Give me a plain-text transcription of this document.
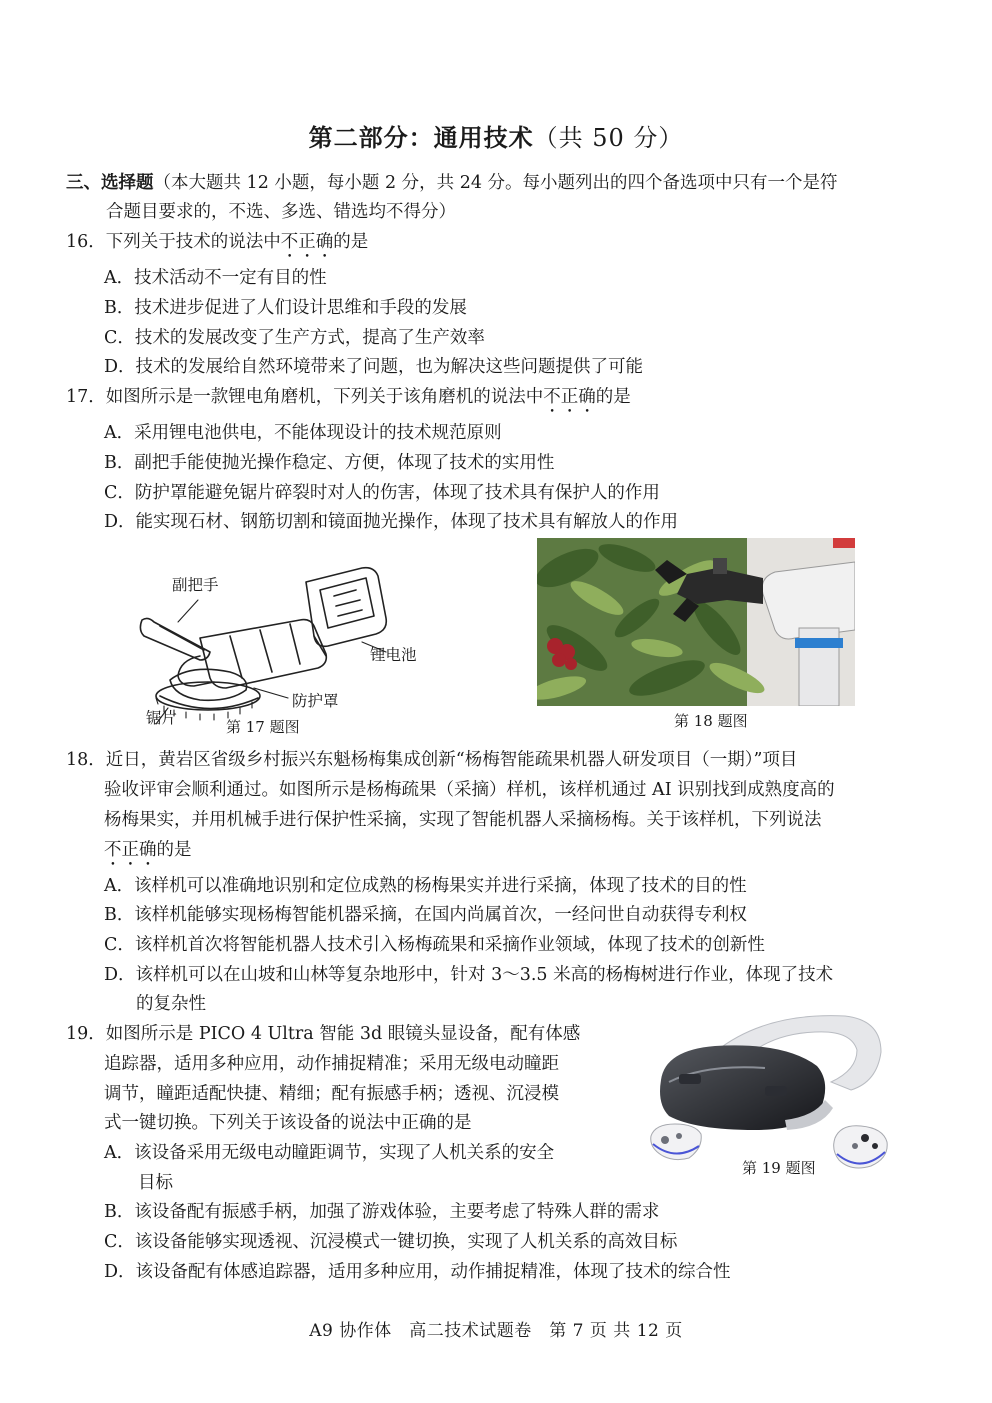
第二部分：通用技术（共 50 分）
三、选择题（本大题共 12 小题，每小题 2 分，共 24 分。每小题列出的四个备选项中只有一个是符
合题目要求的，不选、多选、错选均不得分）
16．下列关于技术的说法中不正确的是
A．技术活动不一定有目的性
B．技术进步促进了人们设计思维和手段的发展
C．技术的发展改变了生产方式，提高了生产效率
D．技术的发展给自然环境带来了问题，也为解决这些问题提供了可能
17．如图所示是一款锂电角磨机，下列关于该角磨机的说法中不正确的是
A．采用锂电池供电，不能体现设计的技术规范原则
B．副把手能使抛光操作稳定、方便，体现了技术的实用性
C．防护罩能避免锯片碎裂时对人的伤害，体现了技术具有保护人的作用
D．能实现石材、钢筋切割和镜面抛光操作，体现了技术具有解放人的作用
副把手
锂电池
防护罩
锯片	第 17 题图	第 18 题图
18．近日，黄岩区省级乡村振兴东魁杨梅集成创新“杨梅智能疏果机器人研发项目（一期）”项目
验收评审会顺利通过。如图所示是杨梅疏果（采摘）样机，该样机通过 AI 识别找到成熟度高的
杨梅果实，并用机械手进行保护性采摘，实现了智能机器人采摘杨梅。关于该样机，下列说法
不正确的是
A．该样机可以准确地识别和定位成熟的杨梅果实并进行采摘，体现了技术的目的性
B．该样机能够实现杨梅智能机器采摘，在国内尚属首次，一经问世自动获得专利权
C．该样机首次将智能机器人技术引入杨梅疏果和采摘作业领域，体现了技术的创新性
D．该样机可以在山坡和山林等复杂地形中，针对 3～3.5 米高的杨梅树进行作业，体现了技术
的复杂性
19．如图所示是 PICO 4 Ultra 智能 3d 眼镜头显设备，配有体感
追踪器，适用多种应用，动作捕捉精准；采用无级电动瞳距
调节，瞳距适配快捷、精细；配有振感手柄；透视、沉浸模
式一键切换。下列关于该设备的说法中正确的是
A．该设备采用无级电动瞳距调节，实现了人机关系的安全
目标
B．该设备配有振感手柄，加强了游戏体验，主要考虑了特殊人群的需求
C．该设备能够实现透视、沉浸模式一键切换，实现了人机关系的高效目标
D．该设备配有体感追踪器，适用多种应用，动作捕捉精准，体现了技术的综合性
第 19 题图
A9 协作体　高二技术试题卷　第 7 页 共 12 页
